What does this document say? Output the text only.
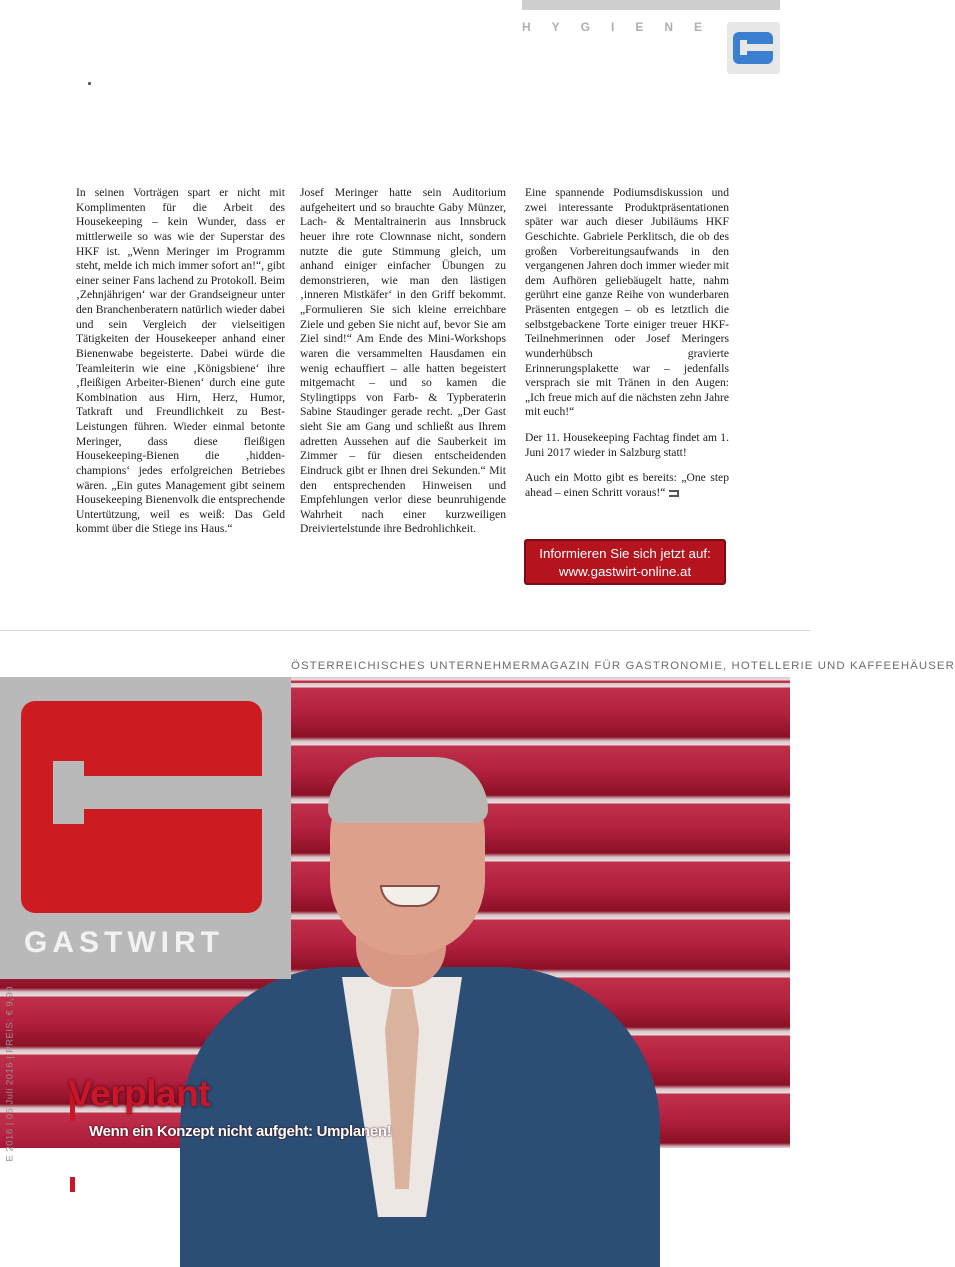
HYGIENE

In seinen Vorträgen spart er nicht mit Komplimenten für die Arbeit des Housekeeping – kein Wunder, dass er mittlerweile so was wie der Superstar des HKF ist. „Wenn Meringer im Programm steht, melde ich mich immer sofort an!“, gibt einer seiner Fans lachend zu Protokoll. Beim ‚Zehnjährigen‘ war der Grandseigneur unter den Branchenberatern natürlich wieder dabei und sein Vergleich der vielseitigen Tätigkeiten der Housekeeper anhand einer Bienenwabe begeisterte. Dabei würde die Teamleiterin wie eine ‚Königsbiene‘ ihre ‚fleißigen Arbeiter-Bienen‘ durch eine gute Kombination aus Hirn, Herz, Humor, Tatkraft und Freundlichkeit zu Best-Leistungen führen. Wieder einmal betonte Meringer, dass diese fleißigen Housekeeping-Bienen die ‚hidden-champions‘ jedes erfolgreichen Betriebes wären. „Ein gutes Management gibt seinem Housekeeping Bienenvolk die entsprechende Untertützung, weil es weiß: Das Geld kommt über die Stiege ins Haus.“

Josef Meringer hatte sein Auditorium aufgeheitert und so brauchte Gaby Münzer, Lach- & Mentaltrainerin aus Innsbruck heuer ihre rote Clownnase nicht, sondern nutzte die gute Stimmung gleich, um anhand einiger einfacher Übungen zu demonstrieren, wie man den lästigen ‚inneren Mistkäfer‘ in den Griff bekommt. „Formulieren Sie sich kleine erreichbare Ziele und geben Sie nicht auf, bevor Sie am Ziel sind!“ Am Ende des Mini-Workshops waren die versammelten Hausdamen ein wenig echauffiert – alle hatten begeistert mitgemacht – und so kamen die Stylingtipps von Farb- & Typberaterin Sabine Staudinger gerade recht. „Der Gast sieht Sie am Gang und schließt aus Ihrem adretten Aussehen auf die Sauberkeit im Zimmer – für diesen entscheidenden Eindruck gibt er Ihnen drei Sekunden.“ Mit den entsprechenden Hinweisen und Empfehlungen verlor diese beunruhigende Wahrheit nach einer kurzweiligen Dreiviertelstunde ihre Bedrohlichkeit.

Eine spannende Podiumsdiskussion und zwei interessante Produktpräsentationen später war auch dieser Jubiläums HKF Geschichte. Gabriele Perklitsch, die ob des großen Vorbereitungsaufwands in den vergangenen Jahren doch immer wieder mit dem Aufhören geliebäugelt hatte, nahm gerührt eine ganze Reihe von wunderbaren Präsenten entgegen – ob es letztlich die selbstgebackene Torte einiger treuer HKF-Teilnehmerinnen oder Josef Meringers wunderhübsch gravierte Erinnerungsplakette war – jedenfalls versprach sie mit Tränen in den Augen: „Ich freue mich auf die nächsten zehn Jahre mit euch!“

Der 11. Housekeeping Fachtag findet am 1. Juni 2017 wieder in Salzburg statt!

Auch ein Motto gibt es bereits: „One step ahead – einen Schritt voraus!“

Informieren Sie sich jetzt auf:
www.gastwirt-online.at
ÖSTERREICHISCHES UNTERNEHMERMAGAZIN FÜR GASTRONOMIE, HOTELLERIE UND KAFFEEHÄUSER
GASTWIRT
E 2016 | 05 Juli 2016 | PREIS: € 9,90 Verplant
Wenn ein Konzept nicht aufgeht: Umplanen!
